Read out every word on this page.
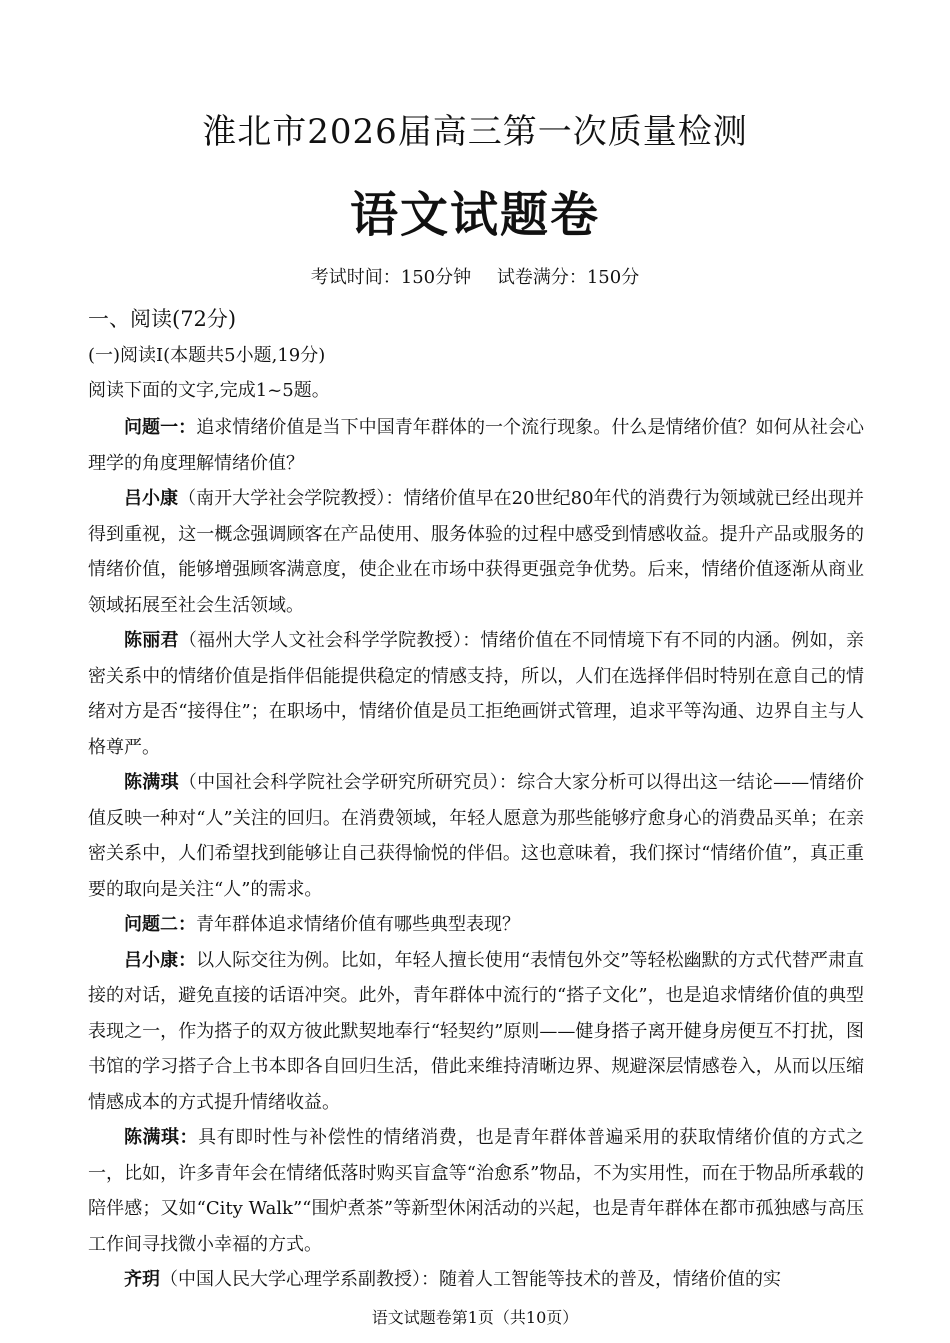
淮北市2026届高三第一次质量检测
语文试题卷
考试时间：150分钟 试卷满分：150分
一、阅读(72分)
(一)阅读Ⅰ(本题共5小题,19分)
阅读下面的文字,完成1~5题。

问题一：追求情绪价值是当下中国青年群体的一个流行现象。什么是情绪价值？如何从社会心理学的角度理解情绪价值？

吕小康（南开大学社会学院教授）：情绪价值早在20世纪80年代的消费行为领域就已经出现并得到重视，这一概念强调顾客在产品使用、服务体验的过程中感受到情感收益。提升产品或服务的情绪价值，能够增强顾客满意度，使企业在市场中获得更强竞争优势。后来，情绪价值逐渐从商业领域拓展至社会生活领域。

陈丽君（福州大学人文社会科学学院教授）：情绪价值在不同情境下有不同的内涵。例如，亲密关系中的情绪价值是指伴侣能提供稳定的情感支持，所以，人们在选择伴侣时特别在意自己的情绪对方是否“接得住”；在职场中，情绪价值是员工拒绝画饼式管理，追求平等沟通、边界自主与人格尊严。

陈满琪（中国社会科学院社会学研究所研究员）：综合大家分析可以得出这一结论——情绪价值反映一种对“人”关注的回归。在消费领域，年轻人愿意为那些能够疗愈身心的消费品买单；在亲密关系中，人们希望找到能够让自己获得愉悦的伴侣。这也意味着，我们探讨“情绪价值”，真正重要的取向是关注“人”的需求。

问题二：青年群体追求情绪价值有哪些典型表现？

吕小康：以人际交往为例。比如，年轻人擅长使用“表情包外交”等轻松幽默的方式代替严肃直接的对话，避免直接的话语冲突。此外，青年群体中流行的“搭子文化”，也是追求情绪价值的典型表现之一，作为搭子的双方彼此默契地奉行“轻契约”原则——健身搭子离开健身房便互不打扰，图书馆的学习搭子合上书本即各自回归生活，借此来维持清晰边界、规避深层情感卷入，从而以压缩情感成本的方式提升情绪收益。

陈满琪：具有即时性与补偿性的情绪消费，也是青年群体普遍采用的获取情绪价值的方式之一，比如，许多青年会在情绪低落时购买盲盒等“治愈系”物品，不为实用性，而在于物品所承载的陪伴感；又如“City Walk”“围炉煮茶”等新型休闲活动的兴起，也是青年群体在都市孤独感与高压工作间寻找微小幸福的方式。

齐玥（中国人民大学心理学系副教授）：随着人工智能等技术的普及，情绪价值的实

语文试题卷第1页（共10页）
